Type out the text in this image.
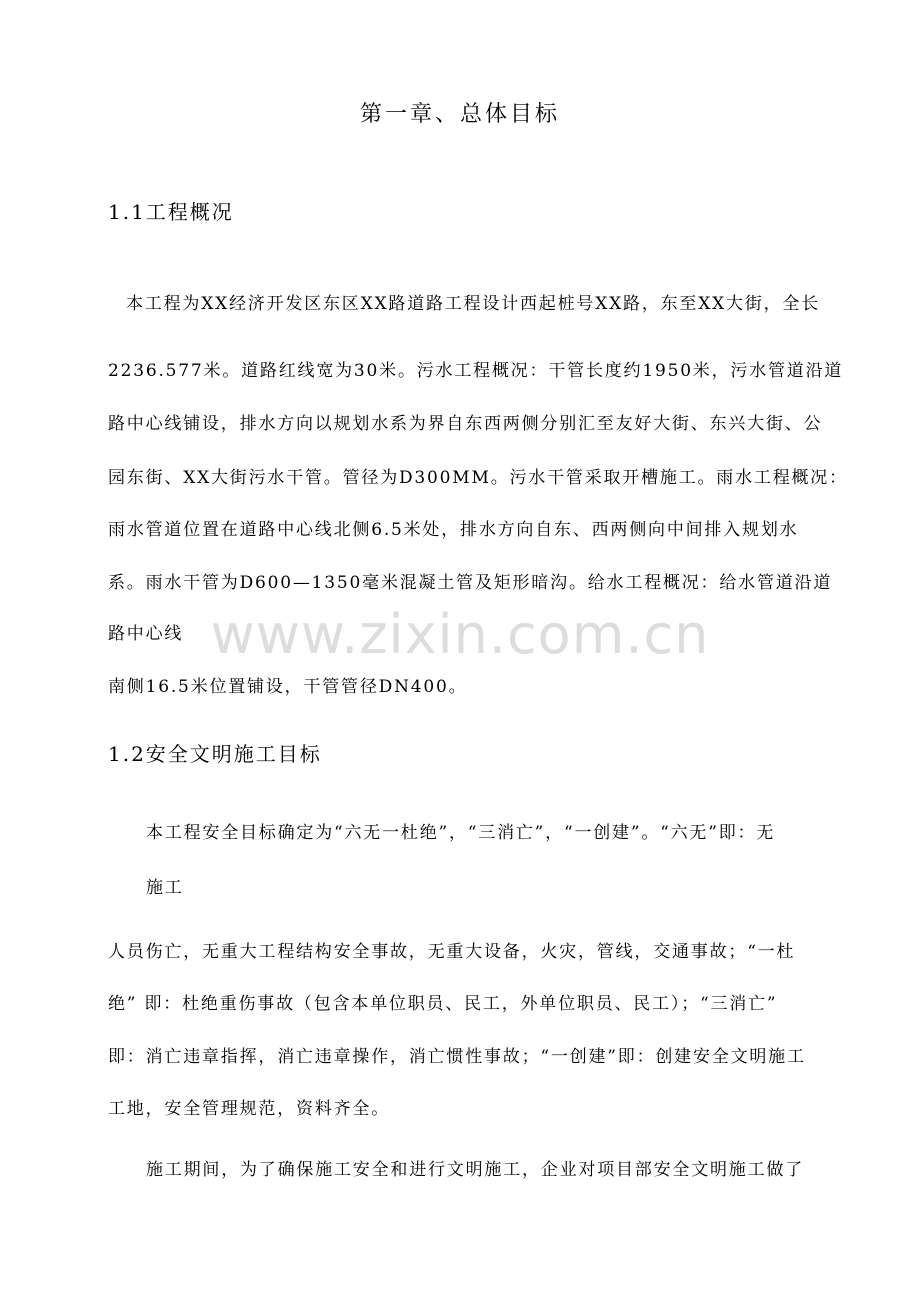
第一章、总体目标
1.1工程概况
本工程为XX经济开发区东区XX路道路工程设计西起桩号XX路，东至XX大街，全长
2236.577米。道路红线宽为30米。污水工程概况：干管长度约1950米，污水管道沿道
路中心线铺设，排水方向以规划水系为界自东西两侧分别汇至友好大街、东兴大街、公
园东街、XX大街污水干管。管径为D300MM。污水干管采取开槽施工。雨水工程概况：
雨水管道位置在道路中心线北侧6.5米处，排水方向自东、西两侧向中间排入规划水
系。雨水干管为D600—1350毫米混凝土管及矩形暗沟。给水工程概况：给水管道沿道
路中心线
南侧16.5米位置铺设，干管管径DN400。
1.2安全文明施工目标
本工程安全目标确定为“六无一杜绝”，“三消亡”，“一创建”。“六无”即：无
施工
人员伤亡，无重大工程结构安全事故，无重大设备，火灾，管线，交通事故；“一杜
绝” 即：杜绝重伤事故（包含本单位职员、民工，外单位职员、民工）；“三消亡”
即：消亡违章指挥，消亡违章操作，消亡惯性事故；“一创建”即：创建安全文明施工
工地，安全管理规范，资料齐全。
施工期间，为了确保施工安全和进行文明施工，企业对项目部安全文明施工做了
www.zixin.com.cn
